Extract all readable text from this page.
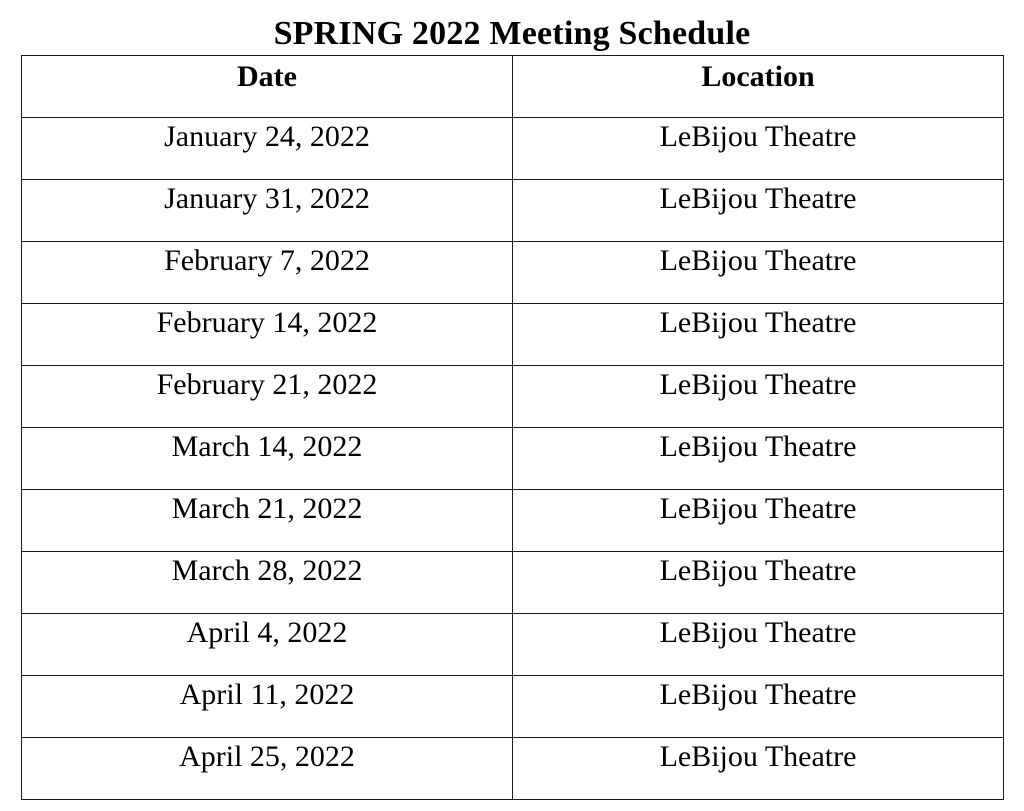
SPRING 2022 Meeting Schedule
Date	Location
January 24, 2022	LeBijou Theatre
January 31, 2022	LeBijou Theatre
February 7, 2022	LeBijou Theatre
February 14, 2022	LeBijou Theatre
February 21, 2022	LeBijou Theatre
March 14, 2022	LeBijou Theatre
March 21, 2022	LeBijou Theatre
March 28, 2022	LeBijou Theatre
April 4, 2022	LeBijou Theatre
April 11, 2022	LeBijou Theatre
April 25, 2022	LeBijou Theatre
